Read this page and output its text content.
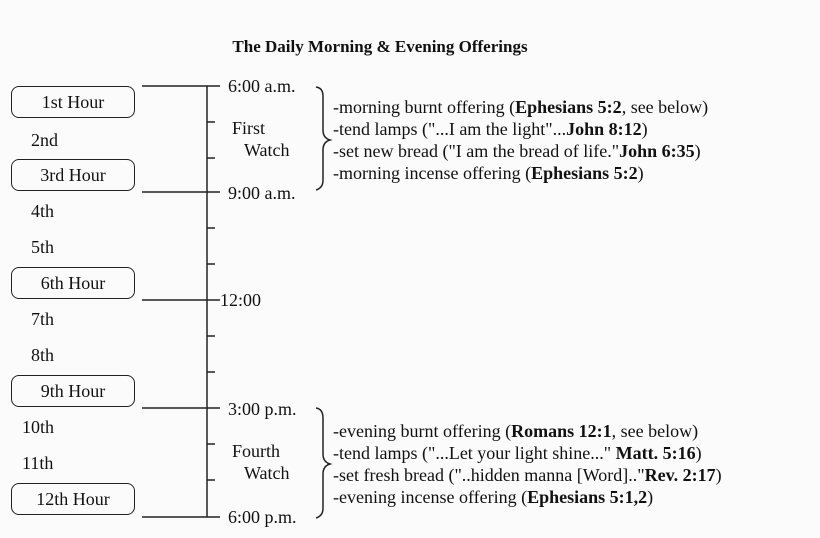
The Daily Morning & Evening Offerings
1st Hour
2nd
3rd Hour
4th
5th
6th Hour
7th
8th
9th Hour
10th
11th
12th Hour
6:00 a.m.
9:00 a.m.
12:00
3:00 p.m.
6:00 p.m.
First
Watch
Fourth
Watch
-morning burnt offering (Ephesians 5:2, see below)
-tend lamps ("...I am the light"...John 8:12)
-set new bread ("I am the bread of life."John 6:35)
-morning incense offering (Ephesians 5:2)
-evening burnt offering (Romans 12:1, see below)
-tend lamps ("...Let your light shine..." Matt. 5:16)
-set fresh bread ("..hidden manna [Word].."Rev. 2:17)
-evening incense offering (Ephesians 5:1,2)
